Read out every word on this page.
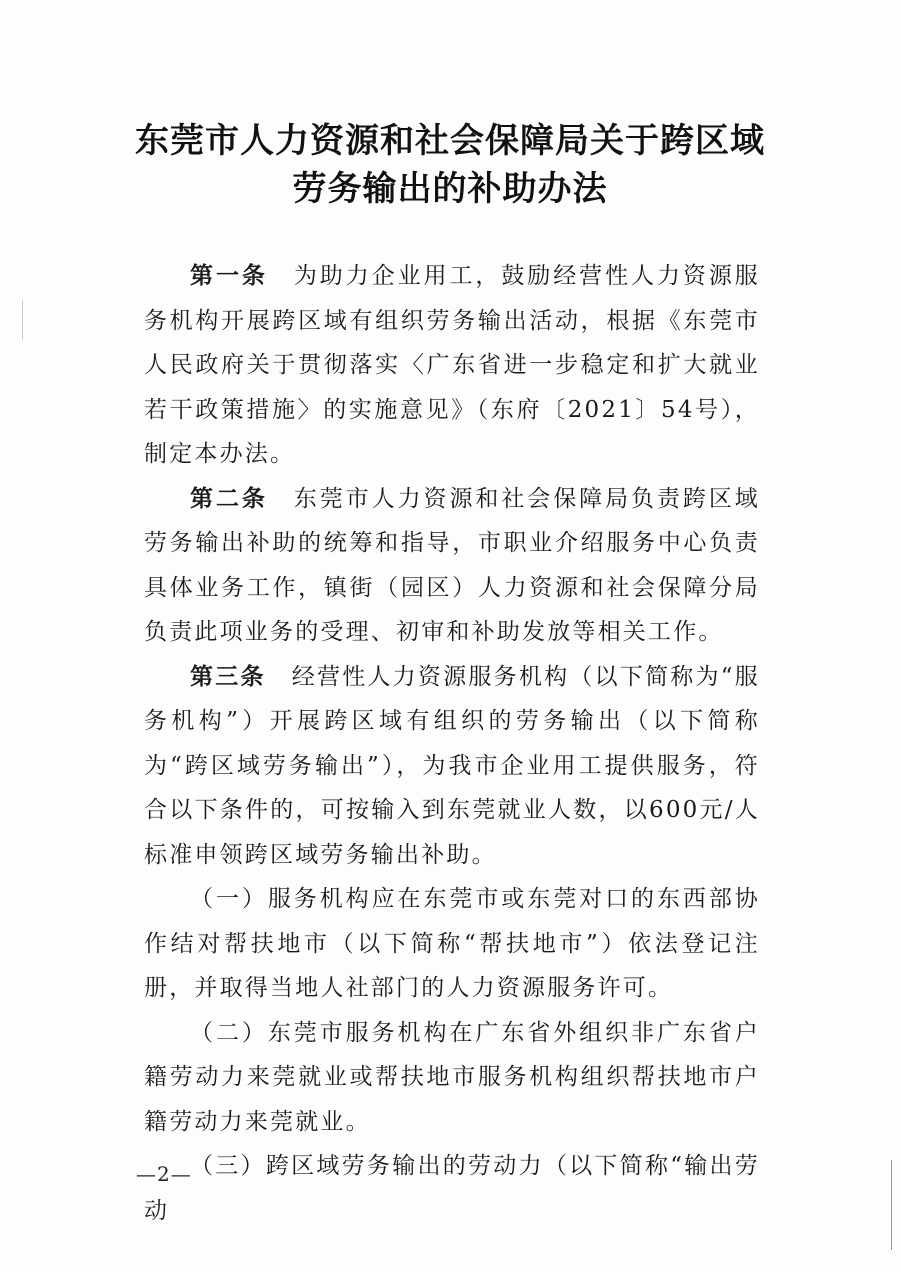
东莞市人力资源和社会保障局关于跨区域
劳务输出的补助办法

第一条 为助力企业用工，鼓励经营性人力资源服务机构开展跨区域有组织劳务输出活动，根据《东莞市人民政府关于贯彻落实〈广东省进一步稳定和扩大就业若干政策措施〉的实施意见》（东府〔2021〕54号），制定本办法。

第二条 东莞市人力资源和社会保障局负责跨区域劳务输出补助的统筹和指导，市职业介绍服务中心负责具体业务工作，镇街（园区）人力资源和社会保障分局负责此项业务的受理、初审和补助发放等相关工作。

第三条 经营性人力资源服务机构（以下简称为“服务机构”）开展跨区域有组织的劳务输出（以下简称为“跨区域劳务输出”），为我市企业用工提供服务，符合以下条件的，可按输入到东莞就业人数，以600元/人标准申领跨区域劳务输出补助。

（一）服务机构应在东莞市或东莞对口的东西部协作结对帮扶地市（以下简称“帮扶地市”）依法登记注册，并取得当地人社部门的人力资源服务许可。

（二）东莞市服务机构在广东省外组织非广东省户籍劳动力来莞就业或帮扶地市服务机构组织帮扶地市户籍劳动力来莞就业。

（三）跨区域劳务输出的劳动力（以下简称“输出劳动

—2—
